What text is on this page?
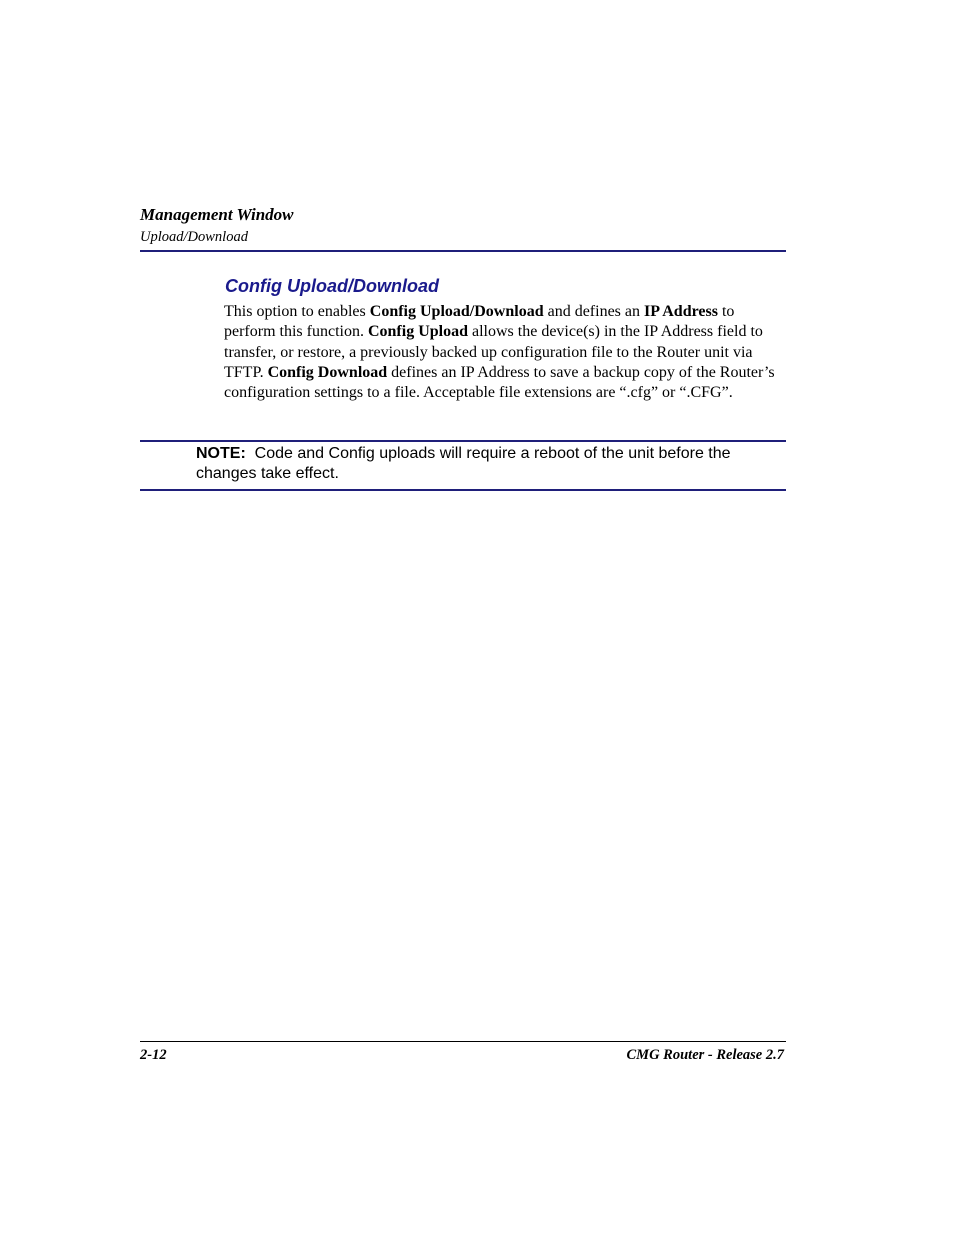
Management Window
Upload/Download
Config Upload/Download
This option to enables Config Upload/Download and defines an IP Address to perform this function. Config Upload allows the device(s) in the IP Address field to transfer, or restore, a previously backed up configuration file to the Router unit via TFTP. Config Download defines an IP Address to save a backup copy of the Router’s configuration settings to a file. Acceptable file extensions are “.cfg” or “.CFG”.
NOTE:  Code and Config uploads will require a reboot of the unit before the changes take effect.
2-12	CMG Router - Release 2.7
